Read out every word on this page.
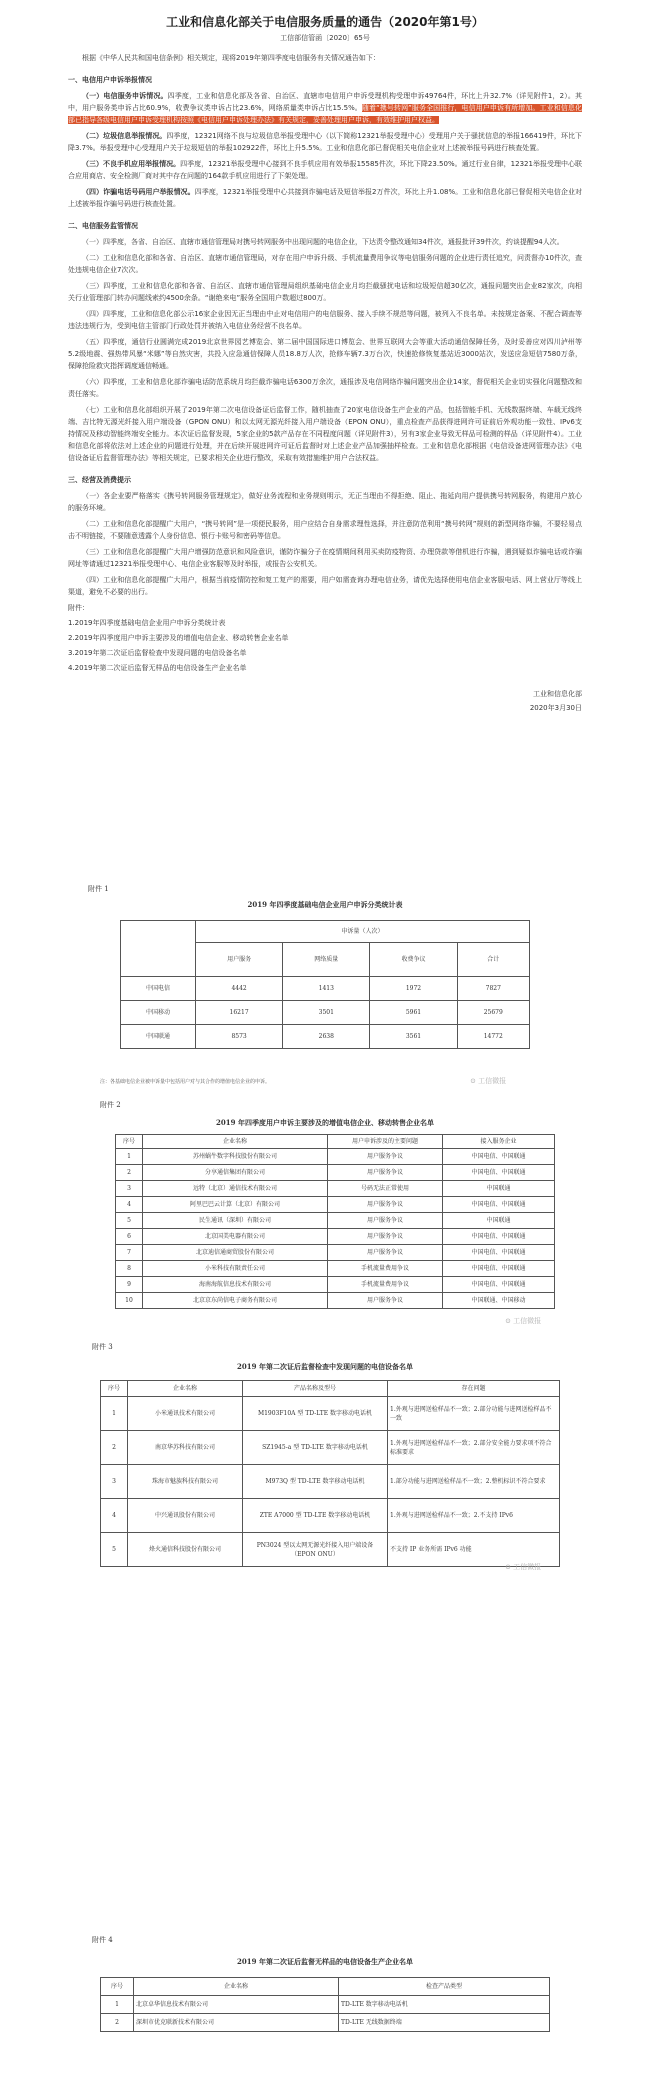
工业和信息化部关于电信服务质量的通告（2020年第1号）
工信部信管函〔2020〕65号

根据《中华人民共和国电信条例》相关规定，现将2019年第四季度电信服务有关情况通告如下：

一、电信用户申诉举报情况

（一）电信服务申诉情况。四季度，工业和信息化部及各省、自治区、直辖市电信用户申诉受理机构受理申诉49764件，环比上升32.7%（详见附件1，2）。其中，用户服务类申诉占比60.9%，收费争议类申诉占比23.6%，网络质量类申诉占比15.5%。随着“携号转网”服务全国推行，电信用户申诉有所增加。工业和信息化部已指导各级电信用户申诉受理机构按照《电信用户申诉处理办法》有关规定，妥善处理用户申诉，有效维护用户权益。

（二）垃圾信息举报情况。四季度，12321网络不良与垃圾信息举报受理中心（以下简称12321举报受理中心）受理用户关于骚扰信息的举报166419件，环比下降3.7%。举报受理中心受理用户关于垃圾短信的举报102922件，环比上升5.5%。工业和信息化部已督促相关电信企业对上述被举报号码进行核查处置。

（三）不良手机应用举报情况。四季度，12321举报受理中心接到不良手机应用有效举报15585件次，环比下降23.50%。通过行业自律，12321举报受理中心联合应用商店、安全检测厂商对其中存在问题的164款手机应用进行了下架处理。

（四）诈骗电话号码用户举报情况。四季度，12321举报受理中心共接到诈骗电话及短信举报2万件次，环比上升1.08%。工业和信息化部已督促相关电信企业对上述被举报诈骗号码进行核查处置。

二、电信服务监管情况

（一）四季度，各省、自治区、直辖市通信管理局对携号转网服务中出现问题的电信企业，下达责令整改通知34件次，通报批评39件次，约谈提醒94人次。

（二）工业和信息化部和各省、自治区、直辖市通信管理局，对存在用户申诉升级、手机流量费用争议等电信服务问题的企业进行责任追究，问责督办10件次，查处违规电信企业7次次。

（三）四季度，工业和信息化部和各省、自治区、直辖市通信管理局组织基础电信企业月均拦截骚扰电话和垃圾短信超30亿次，通报问题突出企业82家次，向相关行业管理部门转办问题线索约4500余条。“谢绝来电”服务全国用户数超过800万。

（四）四季度，工业和信息化部公示16家企业因无正当理由中止对电信用户的电信服务、接入手续不规范等问题，被列入不良名单。未按规定备案、不配合调查等违法违规行为，受到电信主管部门行政处罚并被纳入电信业务经营不良名单。

（五）四季度，通信行业圆满完成2019北京世界园艺博览会、第二届中国国际进口博览会、世界互联网大会等重大活动通信保障任务，及时妥善应对四川泸州等5.2级地震、强热带风暴“米娜”等自然灾害，共投入应急通信保障人员18.8万人次，抢修车辆7.3万台次，快速抢修恢复基站近3000站次，发送应急短信7580万条，保障抢险救灾指挥调度通信畅通。

（六）四季度，工业和信息化部诈骗电话防范系统月均拦截诈骗电话6300万余次，通报涉及电信网络诈骗问题突出企业14家，督促相关企业切实强化问题整改和责任落实。

（七）工业和信息化部组织开展了2019年第二次电信设备证后监督工作，随机抽查了20家电信设备生产企业的产品，包括智能手机、无线数据终端、车载无线终端、吉比特无源光纤接入用户端设备（GPON ONU）和以太网无源光纤接入用户端设备（EPON ONU），重点检查产品获得进网许可证前后外观功能一致性、IPv6支持情况及移动智能终端安全能力。本次证后监督发现，5家企业的5款产品存在不同程度问题（详见附件3），另有3家企业导致无样品可检测的样品（详见附件4）。工业和信息化部将依法对上述企业的问题进行处理，并在后续开展进网许可证后监督时对上述企业产品加强抽样检查。工业和信息化部根据《电信设备进网管理办法》《电信设备证后监督管理办法》等相关规定，已要求相关企业进行整改，采取有效措施维护用户合法权益。

三、经营及消费提示

（一）各企业要严格落实《携号转网服务管理规定》，做好业务流程和业务规则明示，无正当理由不得拒绝、阻止、拖延向用户提供携号转网服务，构建用户放心的服务环境。

（二）工业和信息化部提醒广大用户，“携号转网”是一项便民服务，用户应结合自身需求理性选择，并注意防范利用“携号转网”规则的新型网络诈骗，不要轻易点击不明链接，不要随意透露个人身份信息、银行卡账号和密码等信息。

（三）工业和信息化部提醒广大用户增强防范意识和风险意识，谨防诈骗分子在疫情期间利用买卖防疫物资、办理贷款等借机进行诈骗，遇到疑似诈骗电话或诈骗网址等请通过12321举报受理中心、电信企业客服等及时举报，或报告公安机关。

（四）工业和信息化部提醒广大用户，根据当前疫情防控和复工复产的需要，用户如需查询办理电信业务，请优先选择使用电信企业客服电话、网上营业厅等线上渠道，避免不必要的出行。

附件：

1.2019年四季度基础电信企业用户申诉分类统计表

2.2019年四季度用户申诉主要涉及的增值电信企业、移动转售企业名单

3.2019年第二次证后监督检查中发现问题的电信设备名单

4.2019年第二次证后监督无样品的电信设备生产企业名单

工业和信息化部

2020年3月30日

附件 1
2019 年四季度基础电信企业用户申诉分类统计表
	申诉量（人次）			
	用户服务	网络质量	收费争议	合计
中国电信	4442	1413	1972	7827
中国移动	16217	3501	5961	25679
中国联通	8573	2638	3561	14772
注：各基础电信企业被申诉量中包括用户对与其合作的增值电信企业的申诉。	⊙ 工信微报
附件 2
2019 年四季度用户申诉主要涉及的增值电信企业、移动转售企业名单
序号	企业名称	用户申诉涉及的主要问题	接入服务企业
1	苏州蜗牛数字科技股份有限公司	用户服务争议	中国电信、中国联通
2	分享通信集团有限公司	用户服务争议	中国电信、中国联通
3	远特（北京）通信技术有限公司	号码无法正常使用	中国联通
4	阿里巴巴云计算（北京）有限公司	用户服务争议	中国电信、中国联通
5	民生通讯（深圳）有限公司	用户服务争议	中国联通
6	北京国美电器有限公司	用户服务争议	中国电信、中国联通
7	北京迪信通商贸股份有限公司	用户服务争议	中国电信、中国联通
8	小米科技有限责任公司	手机流量费用争议	中国电信、中国联通
9	海南海航信息技术有限公司	手机流量费用争议	中国电信、中国联通
10	北京京东尚信电子商务有限公司	用户服务争议	中国联通、中国移动
⊙ 工信微报
附件 3
2019 年第二次证后监督检查中发现问题的电信设备名单
序号	企业名称	产品名称及型号	存在问题
1	小米通讯技术有限公司	M1903F10A 型 TD-LTE 数字移动电话机	1.外观与进网送检样品不一致；2.部分功能与进网送检样品不一致
2	南京华苏科技有限公司	SZ1945-a 型 TD-LTE 数字移动电话机	1.外观与进网送检样品不一致；2.部分安全能力要求项不符合标准要求
3	珠海市魅族科技有限公司	M973Q 型 TD-LTE 数字移动电话机	1.部分功能与进网送检样品不一致；2.整机标识不符合要求
4	中兴通讯股份有限公司	ZTE A7000 型 TD-LTE 数字移动电话机	1.外观与进网送检样品不一致；2.不支持 IPv6
5	烽火通信科技股份有限公司	PN3024 型以太网无源光纤接入用户端设备（EPON ONU）	不支持 IP 业务所需 IPv6 功能
⊙ 工信微报
附件 4
2019 年第二次证后监督无样品的电信设备生产企业名单
序号	企业名称	检查产品类型
1	北京卓华信息技术有限公司	TD-LTE 数字移动电话机
2	深圳市优克联新技术有限公司	TD-LTE 无线数据终端
